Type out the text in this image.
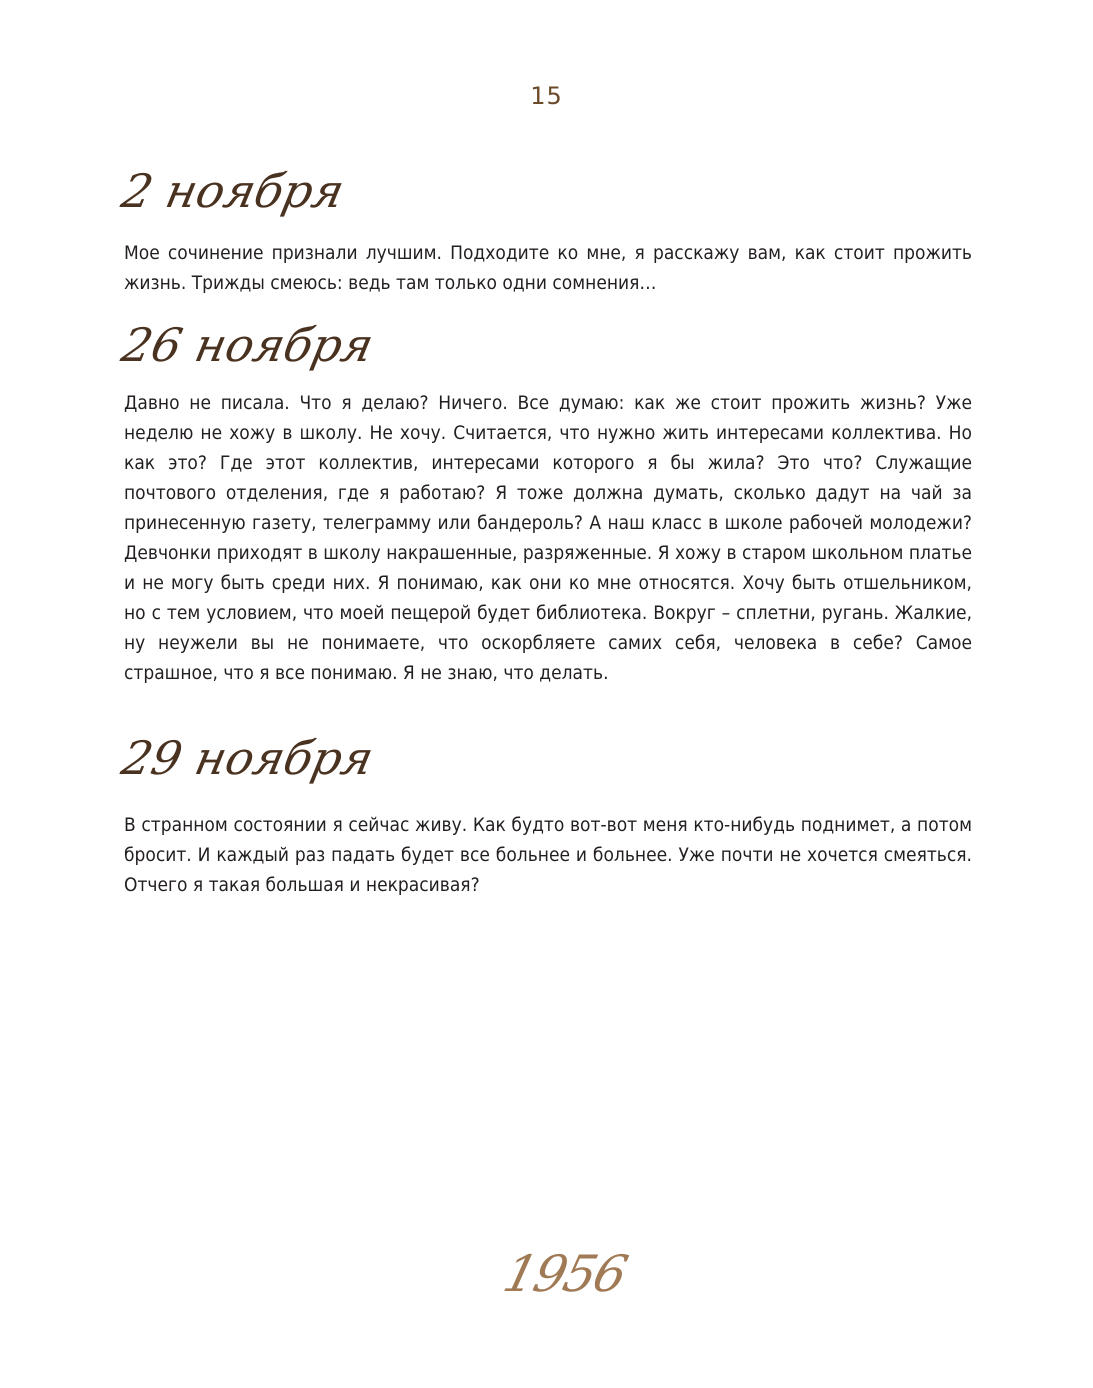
15
2 ноября

Мое сочинение признали лучшим. Подходите ко мне, я расскажу вам, как стоит прожить жизнь. Трижды смеюсь: ведь там только одни сомнения…

26 ноября

Давно не писала. Что я делаю? Ничего. Все думаю: как же стоит прожить жизнь? Уже неделю не хожу в школу. Не хочу. Считается, что нужно жить интересами коллектива. Но как это? Где этот коллектив, интересами которого я бы жила? Это что? Служащие почтового отделения, где я работаю? Я тоже должна думать, сколько дадут на чай за принесенную газету, телеграмму или бандероль? А наш класс в школе рабочей молодежи? Девчонки приходят в школу накрашенные, разряженные. Я хожу в старом школьном платье и не могу быть среди них. Я понимаю, как они ко мне относятся. Хочу быть отшельником, но с тем условием, что моей пещерой будет библиотека. Вокруг – сплетни, ругань. Жалкие, ну неужели вы не понимаете, что оскорбляете самих себя, человека в себе? Самое страшное, что я все понимаю. Я не знаю, что делать.

29 ноября

В странном состоянии я сейчас живу. Как будто вот-вот меня кто-нибудь поднимет, а потом бросит. И каждый раз падать будет все больнее и больнее. Уже почти не хочется смеяться. Отчего я такая большая и некрасивая?

1956
